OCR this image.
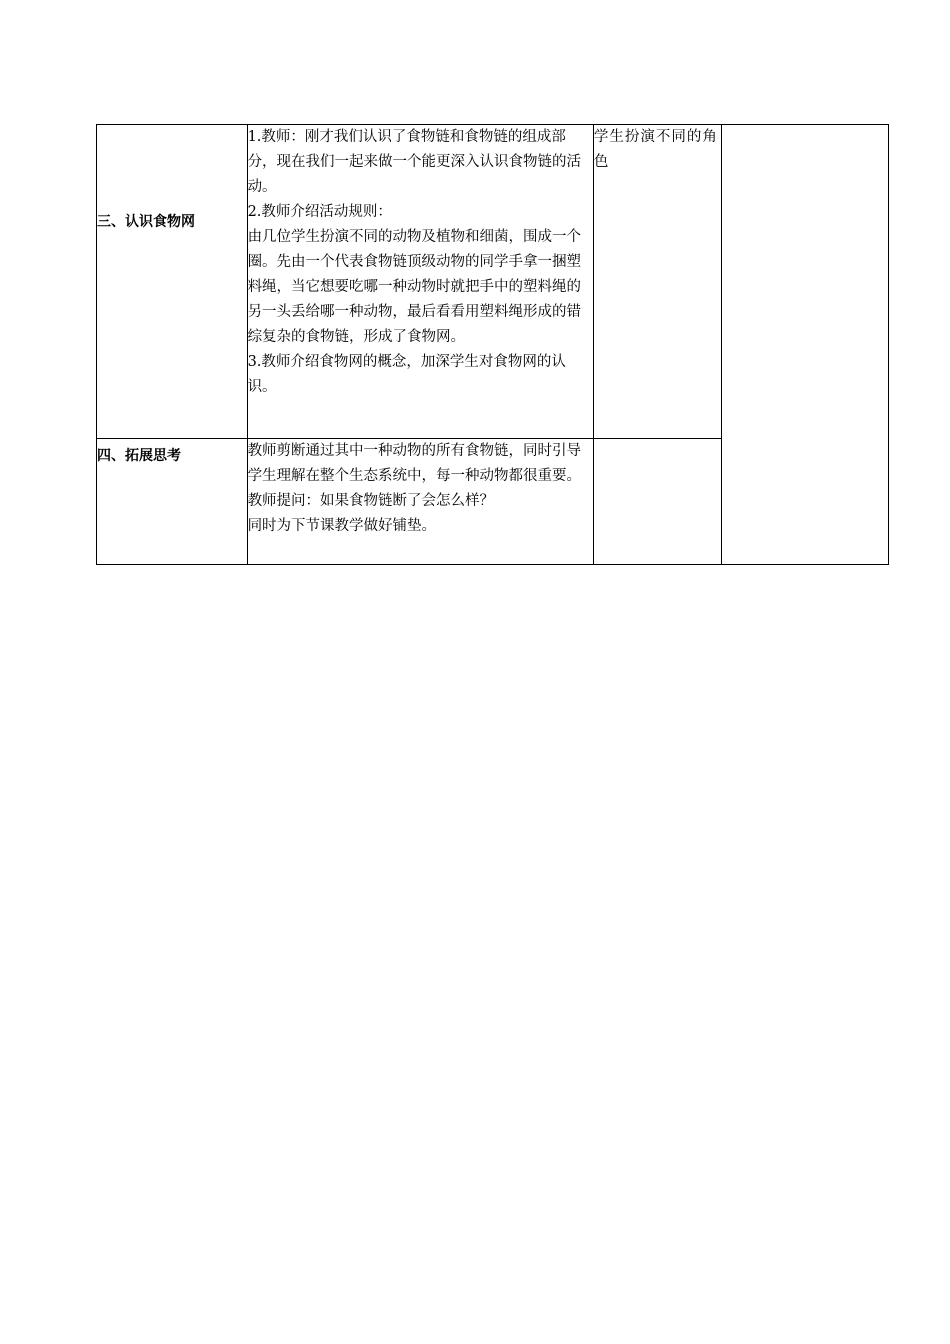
三、认识食物网	1.教师：刚才我们认识了食物链和食物链的组成部分，现在我们一起来做一个能更深入认识食物链的活动。

2.教师介绍活动规则：

由几位学生扮演不同的动物及植物和细菌，围成一个圈。先由一个代表食物链顶级动物的同学手拿一捆塑料绳，当它想要吃哪一种动物时就把手中的塑料绳的另一头丢给哪一种动物，最后看看用塑料绳形成的错综复杂的食物链，形成了食物网。

3.教师介绍食物网的概念，加深学生对食物网的认识。	学生扮演不同的角色	
四、拓展思考	教师剪断通过其中一种动物的所有食物链，同时引导学生理解在整个生态系统中，每一种动物都很重要。

教师提问：如果食物链断了会怎么样？

同时为下节课教学做好铺垫。		
